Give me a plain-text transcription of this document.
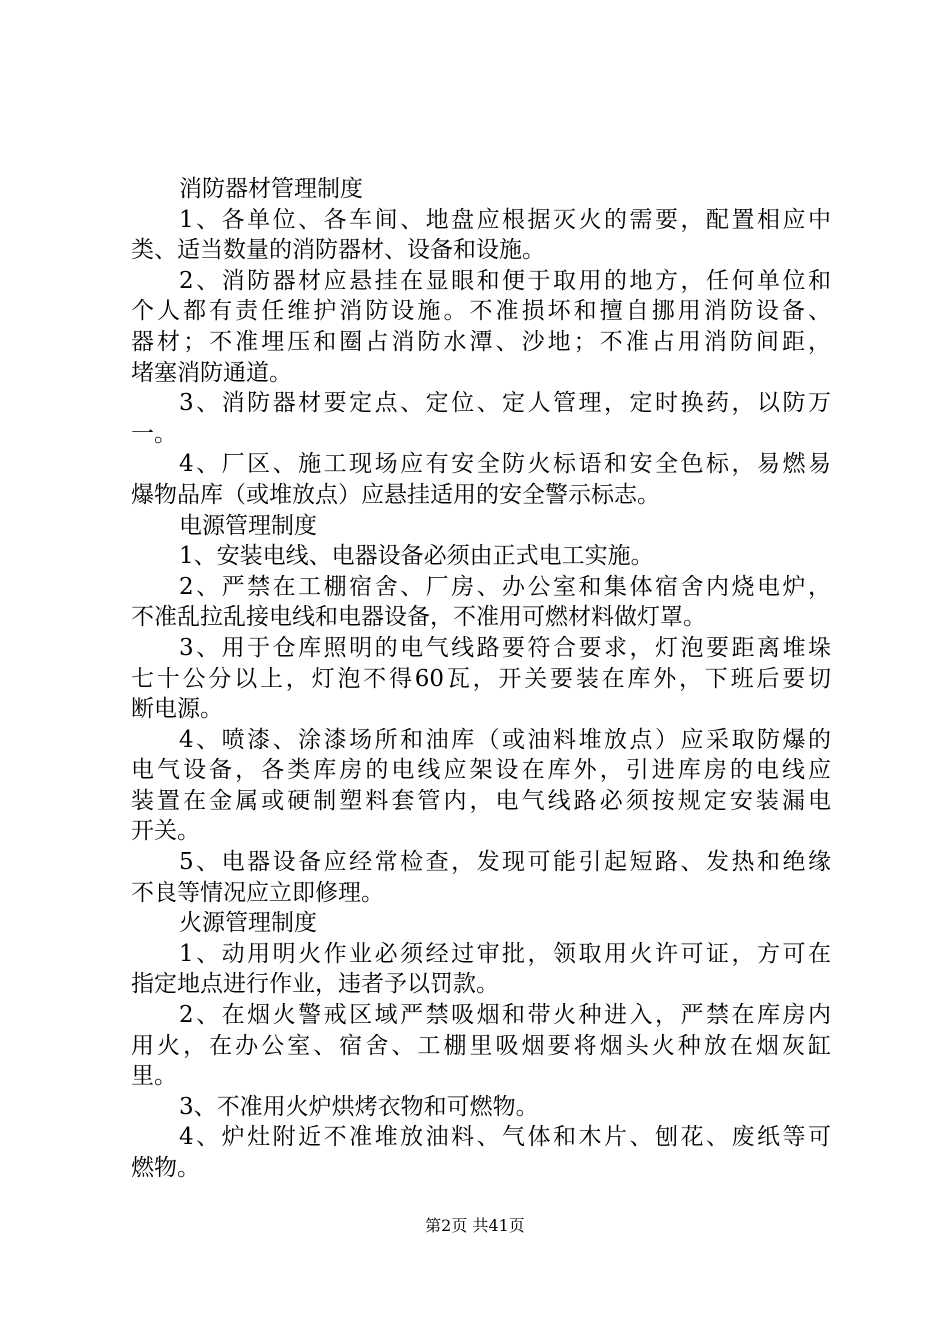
消防器材管理制度
1、各单位、各车间、地盘应根据灭火的需要，配置相应中
类、适当数量的消防器材、设备和设施。
2、消防器材应悬挂在显眼和便于取用的地方，任何单位和
个人都有责任维护消防设施。不准损坏和擅自挪用消防设备、
器材；不准埋压和圈占消防水潭、沙地；不准占用消防间距，
堵塞消防通道。
3、消防器材要定点、定位、定人管理，定时换药，以防万
一。
4、厂区、施工现场应有安全防火标语和安全色标，易燃易
爆物品库（或堆放点）应悬挂适用的安全警示标志。
电源管理制度
1、安装电线、电器设备必须由正式电工实施。
2、严禁在工棚宿舍、厂房、办公室和集体宿舍内烧电炉，
不准乱拉乱接电线和电器设备，不准用可燃材料做灯罩。
3、用于仓库照明的电气线路要符合要求，灯泡要距离堆垛
七十公分以上，灯泡不得60瓦，开关要装在库外，下班后要切
断电源。
4、喷漆、涂漆场所和油库（或油料堆放点）应采取防爆的
电气设备，各类库房的电线应架设在库外，引进库房的电线应
装置在金属或硬制塑料套管内，电气线路必须按规定安装漏电
开关。
5、电器设备应经常检查，发现可能引起短路、发热和绝缘
不良等情况应立即修理。
火源管理制度
1、动用明火作业必须经过审批，领取用火许可证，方可在
指定地点进行作业，违者予以罚款。
2、在烟火警戒区域严禁吸烟和带火种进入，严禁在库房内
用火，在办公室、宿舍、工棚里吸烟要将烟头火种放在烟灰缸
里。
3、不准用火炉烘烤衣物和可燃物。
4、炉灶附近不准堆放油料、气体和木片、刨花、废纸等可
燃物。
第2页 共41页
